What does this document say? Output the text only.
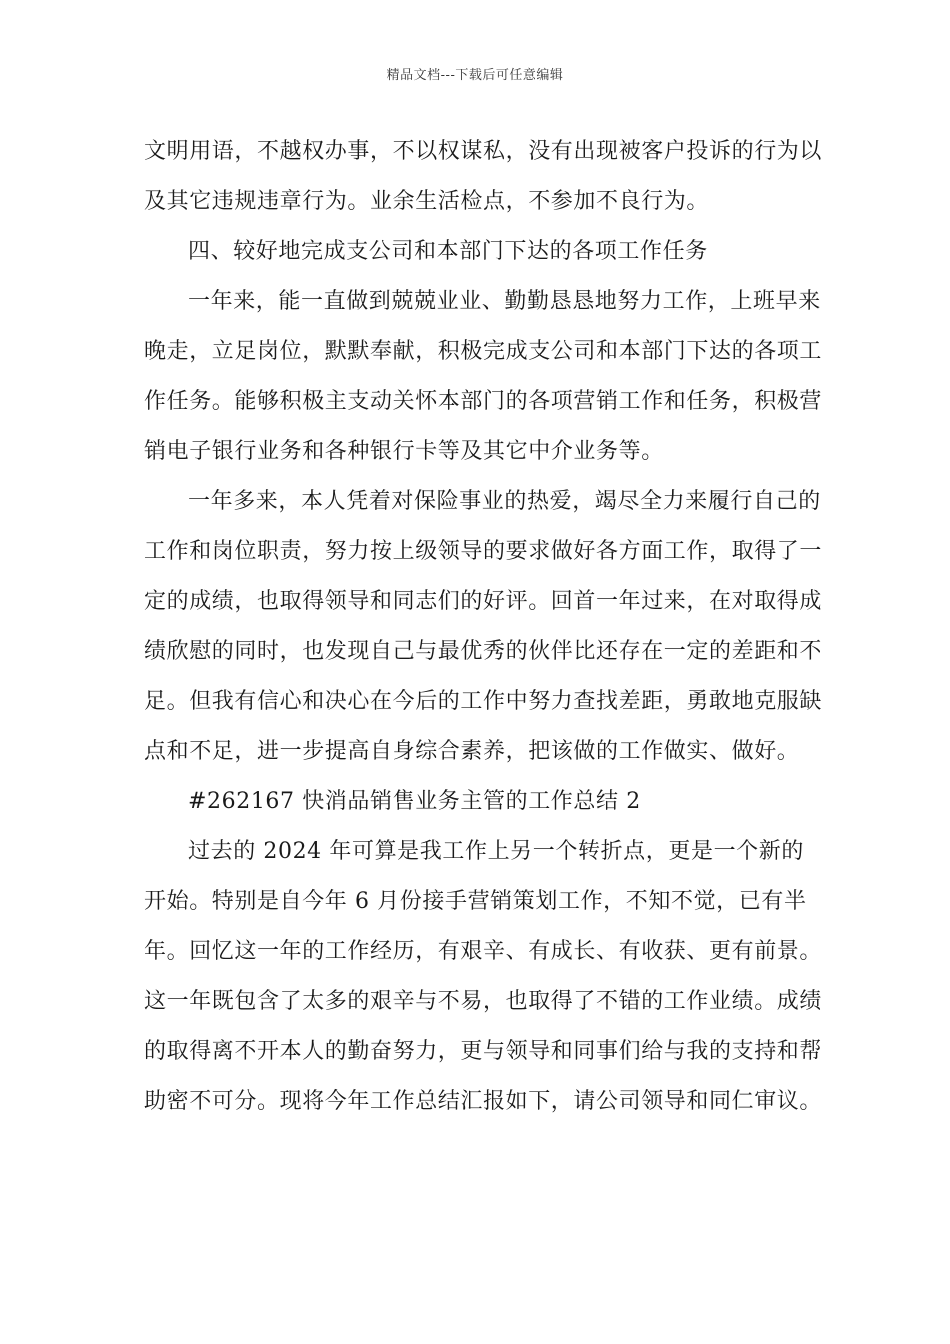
精品文档---下载后可任意编辑

文明用语，不越权办事，不以权谋私，没有出现被客户投诉的行为以及其它违规违章行为。业余生活检点，不参加不良行为。

四、较好地完成支公司和本部门下达的各项工作任务

一年来，能一直做到兢兢业业、勤勤恳恳地努力工作，上班早来晚走，立足岗位，默默奉献，积极完成支公司和本部门下达的各项工作任务。能够积极主支动关怀本部门的各项营销工作和任务，积极营销电子银行业务和各种银行卡等及其它中介业务等。

一年多来，本人凭着对保险事业的热爱，竭尽全力来履行自己的工作和岗位职责，努力按上级领导的要求做好各方面工作，取得了一定的成绩，也取得领导和同志们的好评。回首一年过来，在对取得成绩欣慰的同时，也发现自己与最优秀的伙伴比还存在一定的差距和不足。但我有信心和决心在今后的工作中努力查找差距，勇敢地克服缺点和不足，进一步提高自身综合素养，把该做的工作做实、做好。

#262167 快消品销售业务主管的工作总结 2

过去的 2024 年可算是我工作上另一个转折点，更是一个新的开始。特别是自今年 6 月份接手营销策划工作，不知不觉，已有半年。回忆这一年的工作经历，有艰辛、有成长、有收获、更有前景。这一年既包含了太多的艰辛与不易，也取得了不错的工作业绩。成绩的取得离不开本人的勤奋努力，更与领导和同事们给与我的支持和帮助密不可分。现将今年工作总结汇报如下，请公司领导和同仁审议。
